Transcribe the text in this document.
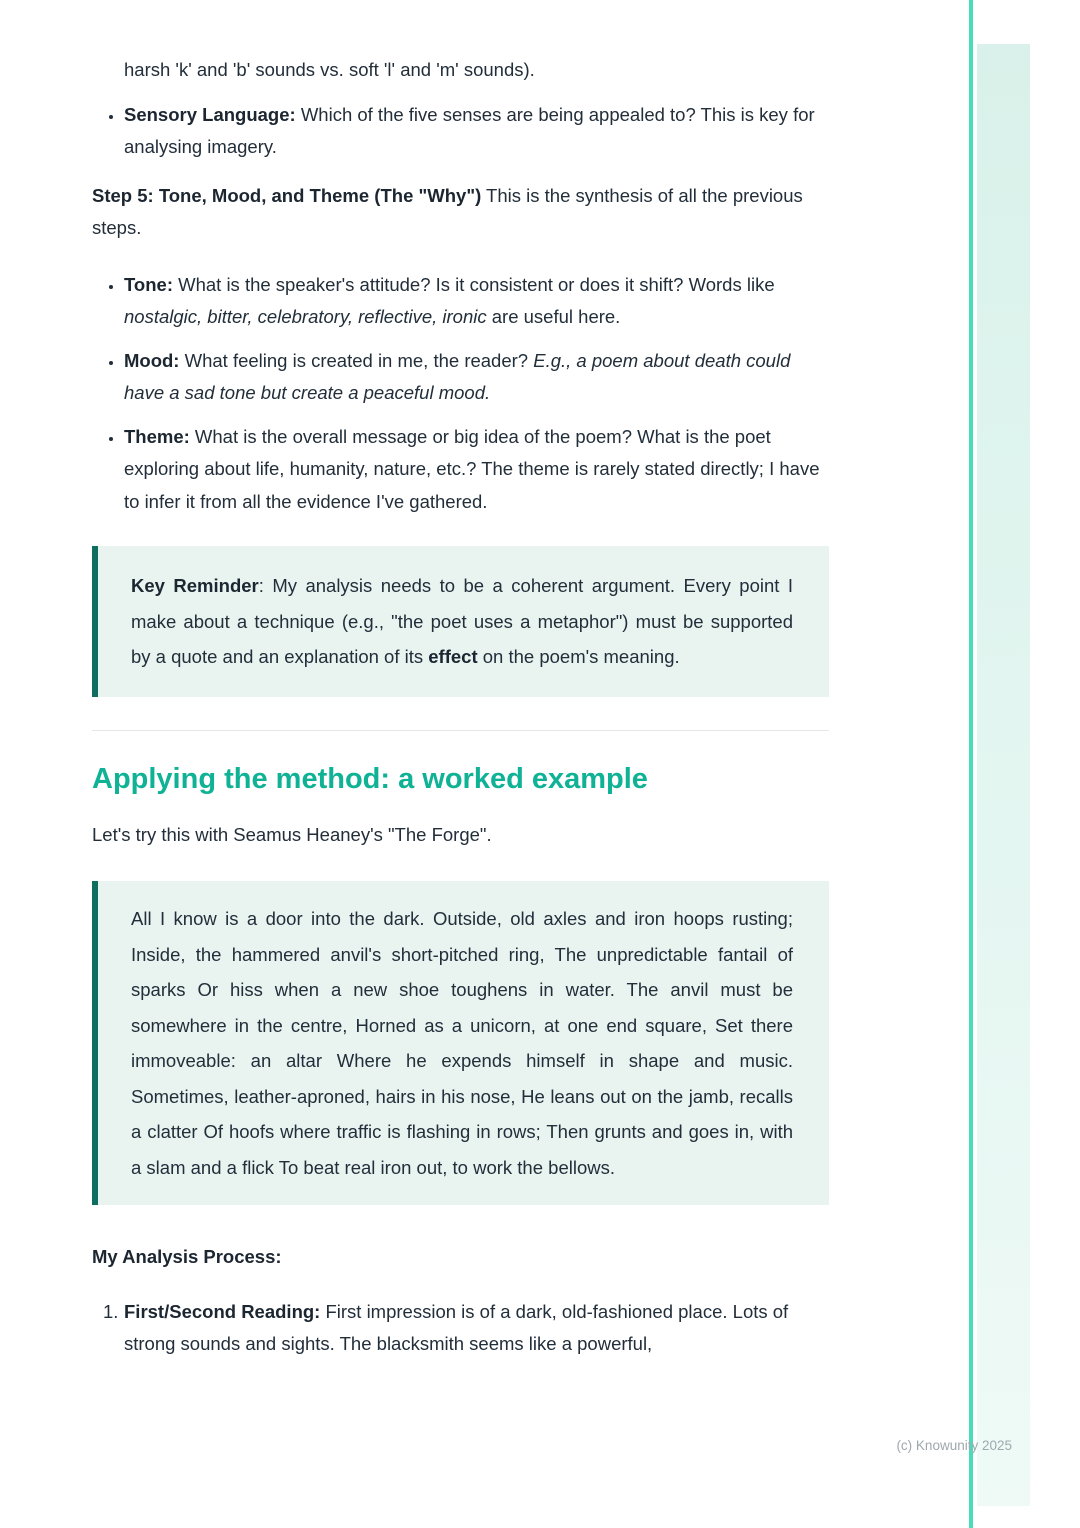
harsh 'k' and 'b' sounds vs. soft 'l' and 'm' sounds).

• Sensory Language: Which of the five senses are being appealed to? This is key for analysing imagery.

Step 5: Tone, Mood, and Theme (The "Why") This is the synthesis of all the previous steps.

• Tone: What is the speaker's attitude? Is it consistent or does it shift? Words like nostalgic, bitter, celebratory, reflective, ironic are useful here.
• Mood: What feeling is created in me, the reader? E.g., a poem about death could have a sad tone but create a peaceful mood.
• Theme: What is the overall message or big idea of the poem? What is the poet exploring about life, humanity, nature, etc.? The theme is rarely stated directly; I have to infer it from all the evidence I've gathered.

Key Reminder: My analysis needs to be a coherent argument. Every point I make about a technique (e.g., "the poet uses a metaphor") must be supported by a quote and an explanation of its effect on the poem's meaning.

Applying the method: a worked example

Let's try this with Seamus Heaney's "The Forge".

All I know is a door into the dark. Outside, old axles and iron hoops rusting; Inside, the hammered anvil's short-pitched ring, The unpredictable fantail of sparks Or hiss when a new shoe toughens in water. The anvil must be somewhere in the centre, Horned as a unicorn, at one end square, Set there immoveable: an altar Where he expends himself in shape and music. Sometimes, leather-aproned, hairs in his nose, He leans out on the jamb, recalls a clatter Of hoofs where traffic is flashing in rows; Then grunts and goes in, with a slam and a flick To beat real iron out, to work the bellows.

My Analysis Process:

1. First/Second Reading: First impression is of a dark, old-fashioned place. Lots of strong sounds and sights. The blacksmith seems like a powerful,
(c) Knowunity 2025
